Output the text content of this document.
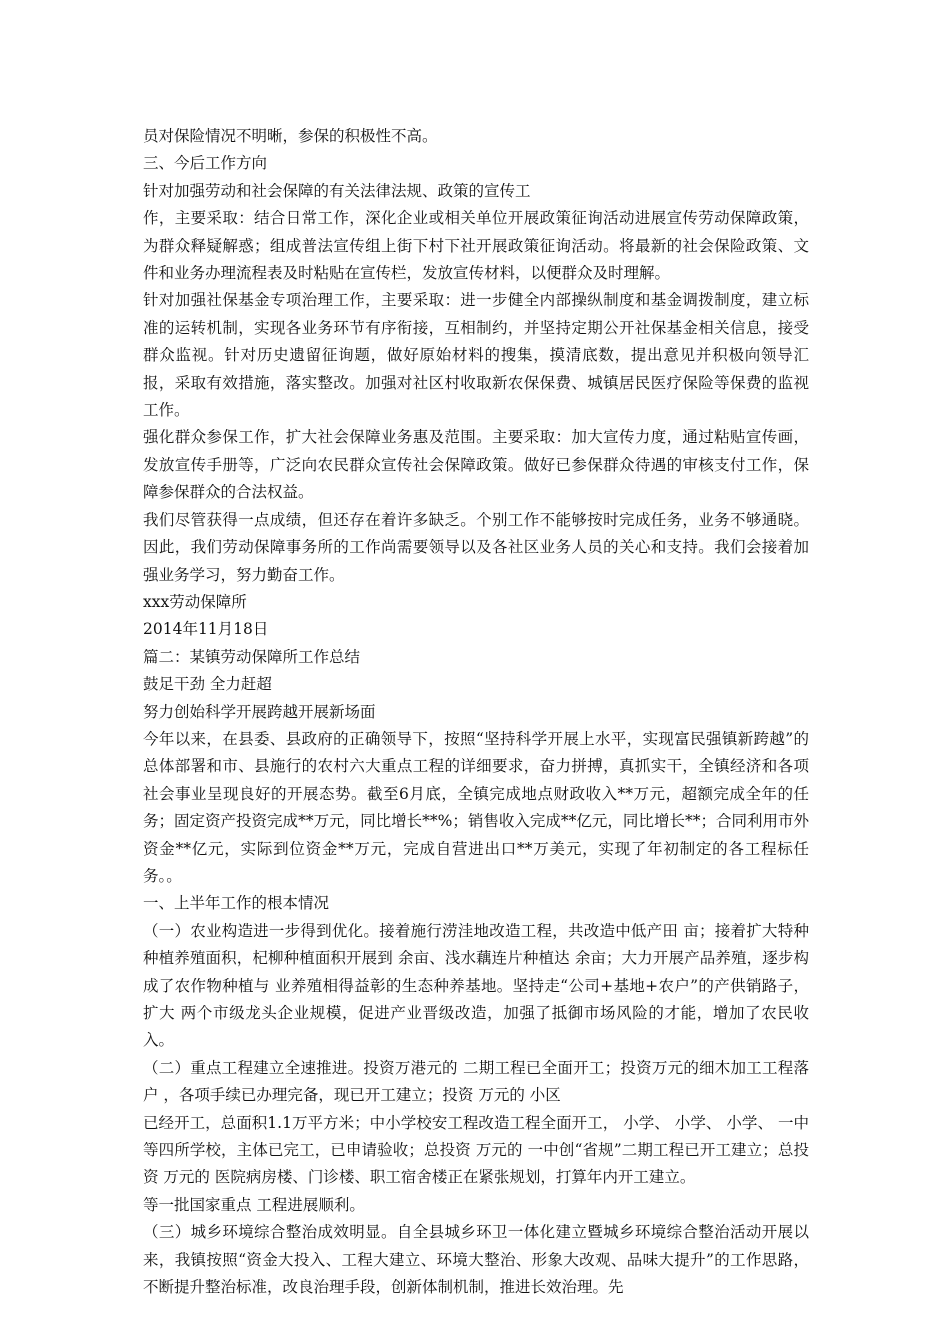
员对保险情况不明晰，参保的积极性不高。

三、今后工作方向

针对加强劳动和社会保障的有关法律法规、政策的宣传工

作，主要采取：结合日常工作，深化企业或相关单位开展政策征询活动进展宣传劳动保障政策，为群众释疑解惑；组成普法宣传组上街下村下社开展政策征询活动。将最新的社会保险政策、文件和业务办理流程表及时粘贴在宣传栏，发放宣传材料，以便群众及时理解。

针对加强社保基金专项治理工作，主要采取：进一步健全内部操纵制度和基金调拨制度，建立标准的运转机制，实现各业务环节有序衔接，互相制约，并坚持定期公开社保基金相关信息，接受群众监视。针对历史遗留征询题，做好原始材料的搜集，摸清底数，提出意见并积极向领导汇报，采取有效措施，落实整改。加强对社区村收取新农保保费、城镇居民医疗保险等保费的监视工作。

强化群众参保工作，扩大社会保障业务惠及范围。主要采取：加大宣传力度，通过粘贴宣传画，发放宣传手册等，广泛向农民群众宣传社会保障政策。做好已参保群众待遇的审核支付工作，保障参保群众的合法权益。

我们尽管获得一点成绩，但还存在着许多缺乏。个别工作不能够按时完成任务，业务不够通晓。因此，我们劳动保障事务所的工作尚需要领导以及各社区业务人员的关心和支持。我们会接着加强业务学习，努力勤奋工作。

xxx劳动保障所

2014年11月18日

篇二：某镇劳动保障所工作总结

鼓足干劲 全力赶超

努力创始科学开展跨越开展新场面

今年以来，在县委、县政府的正确领导下，按照“坚持科学开展上水平，实现富民强镇新跨越”的总体部署和市、县施行的农村六大重点工程的详细要求，奋力拼搏，真抓实干，全镇经济和各项社会事业呈现良好的开展态势。截至6月底，全镇完成地点财政收入**万元，超额完成全年的任务；固定资产投资完成**万元，同比增长**%；销售收入完成**亿元，同比增长**；合同利用市外资金**亿元，实际到位资金**万元，完成自营进出口**万美元，实现了年初制定的各工程标任务。。

一、上半年工作的根本情况

（一）农业构造进一步得到优化。接着施行涝洼地改造工程，共改造中低产田 亩；接着扩大特种种植养殖面积，杞柳种植面积开展到 余亩、浅水藕连片种植达 余亩；大力开展产品养殖，逐步构成了农作物种植与 业养殖相得益彰的生态种养基地。坚持走“公司+基地+农户”的产供销路子，扩大 两个市级龙头企业规模，促进产业晋级改造，加强了抵御市场风险的才能，增加了农民收入。

（二）重点工程建立全速推进。投资万港元的 二期工程已全面开工；投资万元的细木加工工程落户 ，各项手续已办理完备，现已开工建立；投资 万元的 小区

已经开工，总面积1.1万平方米；中小学校安工程改造工程全面开工， 小学、 小学、 小学、 一中等四所学校，主体已完工，已申请验收；总投资 万元的 一中创“省规”二期工程已开工建立；总投资 万元的 医院病房楼、门诊楼、职工宿舍楼正在紧张规划，打算年内开工建立。

等一批国家重点 工程进展顺利。

（三）城乡环境综合整治成效明显。自全县城乡环卫一体化建立暨城乡环境综合整治活动开展以来，我镇按照“资金大投入、工程大建立、环境大整治、形象大改观、品味大提升”的工作思路，不断提升整治标准，改良治理手段，创新体制机制，推进长效治理。先
